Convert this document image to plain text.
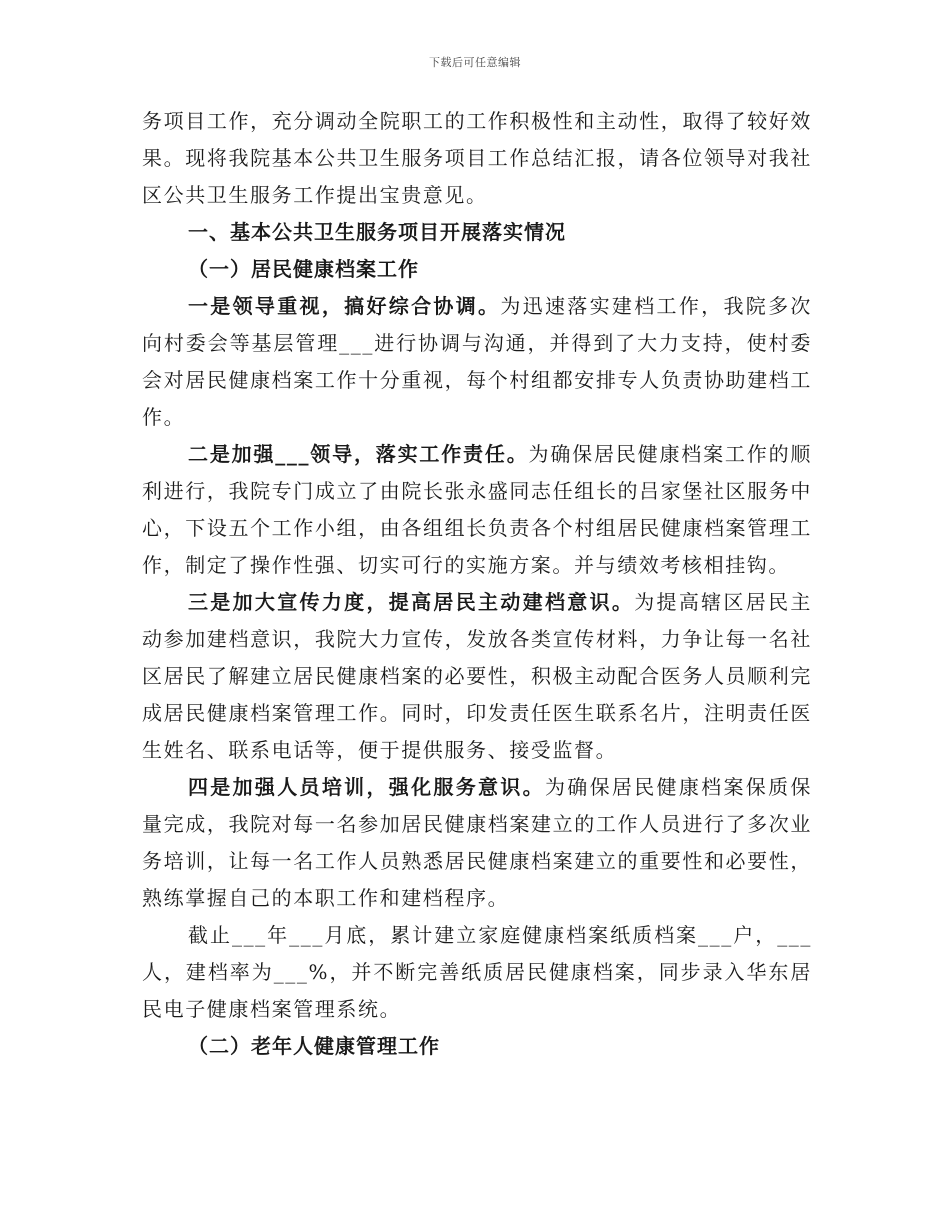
下载后可任意编辑

务项目工作，充分调动全院职工的工作积极性和主动性，取得了较好效果。现将我院基本公共卫生服务项目工作总结汇报，请各位领导对我社区公共卫生服务工作提出宝贵意见。

一、基本公共卫生服务项目开展落实情况

（一）居民健康档案工作

一是领导重视，搞好综合协调。为迅速落实建档工作，我院多次向村委会等基层管理___进行协调与沟通，并得到了大力支持，使村委会对居民健康档案工作十分重视，每个村组都安排专人负责协助建档工作。

二是加强___领导，落实工作责任。为确保居民健康档案工作的顺利进行，我院专门成立了由院长张永盛同志任组长的吕家堡社区服务中心，下设五个工作小组，由各组组长负责各个村组居民健康档案管理工作，制定了操作性强、切实可行的实施方案。并与绩效考核相挂钩。

三是加大宣传力度，提高居民主动建档意识。为提高辖区居民主动参加建档意识，我院大力宣传，发放各类宣传材料，力争让每一名社区居民了解建立居民健康档案的必要性，积极主动配合医务人员顺利完成居民健康档案管理工作。同时，印发责任医生联系名片，注明责任医生姓名、联系电话等，便于提供服务、接受监督。

四是加强人员培训，强化服务意识。为确保居民健康档案保质保量完成，我院对每一名参加居民健康档案建立的工作人员进行了多次业务培训，让每一名工作人员熟悉居民健康档案建立的重要性和必要性，熟练掌握自己的本职工作和建档程序。

截止___年___月底，累计建立家庭健康档案纸质档案___户，___人，建档率为___%，并不断完善纸质居民健康档案，同步录入华东居民电子健康档案管理系统。

（二）老年人健康管理工作
